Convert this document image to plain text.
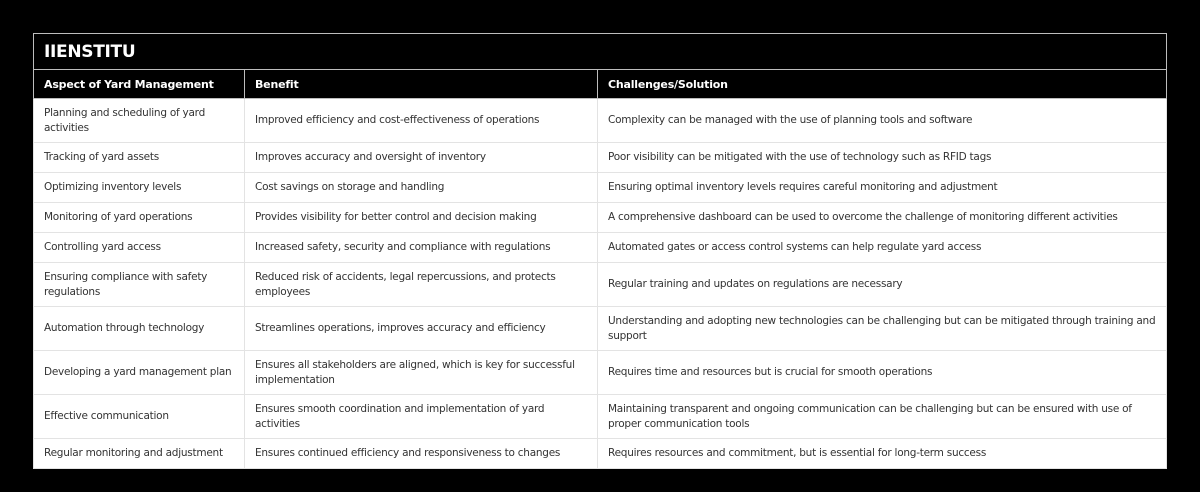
IIENSTITU		
Aspect of Yard Management	Benefit	Challenges/Solution
Planning and scheduling of yard activities	Improved efficiency and cost-effectiveness of operations	Complexity can be managed with the use of planning tools and software
Tracking of yard assets	Improves accuracy and oversight of inventory	Poor visibility can be mitigated with the use of technology such as RFID tags
Optimizing inventory levels	Cost savings on storage and handling	Ensuring optimal inventory levels requires careful monitoring and adjustment
Monitoring of yard operations	Provides visibility for better control and decision making	A comprehensive dashboard can be used to overcome the challenge of monitoring different activities
Controlling yard access	Increased safety, security and compliance with regulations	Automated gates or access control systems can help regulate yard access
Ensuring compliance with safety regulations	Reduced risk of accidents, legal repercussions, and protects employees	Regular training and updates on regulations are necessary
Automation through technology	Streamlines operations, improves accuracy and efficiency	Understanding and adopting new technologies can be challenging but can be mitigated through training and support
Developing a yard management plan	Ensures all stakeholders are aligned, which is key for successful implementation	Requires time and resources but is crucial for smooth operations
Effective communication	Ensures smooth coordination and implementation of yard activities	Maintaining transparent and ongoing communication can be challenging but can be ensured with use of proper communication tools
Regular monitoring and adjustment	Ensures continued efficiency and responsiveness to changes	Requires resources and commitment, but is essential for long-term success
